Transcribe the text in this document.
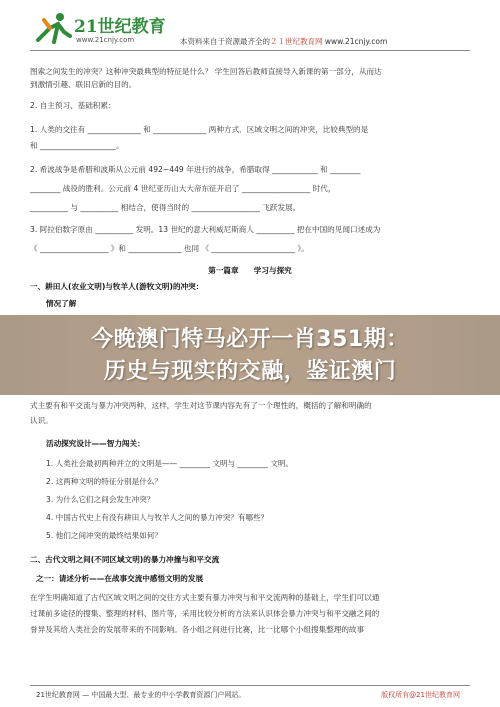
21世纪教育
www.21cnjy.com	本资料来自于资源最齐全的２１世纪教育网 www.21cnjy.com
图索之间发生的冲突？这种冲突最典型的特征是什么？ 学生回答后教师直接导入新课的第一部分，从而达
到激情引趣、联旧启新的目的。
2. 自主预习、基础积累：
1. 人类的交往有 ______________ 和 ______________ 两种方式．区域文明之间的冲突，比较典型的是
和 ____________________。
2. 希波战争是希腊和波斯从公元前 492~449 年进行的战争，希腊取得 ____________ 和 ________
________ 战役的胜利。公元前 4 世纪亚历山大大帝东征开启了 __________________ 时代，
__________ 与 __________ 相结合，使得当时的 __________________ 飞跃发展。
3. 阿拉伯数字原由 __________ 发明。13 世纪的意大利威尼斯商人 __________ 把在中国的见闻口述成为
《 __________________ 》和 ______________ 也同 《 ______________________ 》。
第一篇章　　学习与探究
一、耕田人(农业文明)与牧羊人(游牧文明)的冲突：
情况了解
式主要有和平交流与暴力冲突两种，这样，学生对这节课内容先有了一个理性的，概括的了解和明确的
认识。
活动探究设计——智力闯关：
1. 人类社会最初两种并立的文明是—— ________ 文明与 ________ 文明。
2. 这两种文明的特征分别是什么？
3. 为什么它们之间会发生冲突？
4. 中国古代史上有没有耕田人与牧羊人之间的暴力冲突？有哪些？
5. 他们之间冲突的最终结果如何？
二、古代文明之间(不同区域文明)的暴力冲撞与和平交流
之一：请述分析——在战事交流中感悟文明的发展
在学生明确知道了古代区域文明之间的交往方式主要有暴力冲突与和平交流两种的基础上，学生们可以通
过课前多途径的搜集、整理的材料、图片等，采用比较分析的方法来认识体会暴力冲突与和平交融之间的
誉异及其给人类社会的发展带来的不同影响。各小组之间进行比赛，比一比哪个小组搜集整理的故事
今晚澳门特马必开一肖351期：
历史与现实的交融，鉴证澳门
21世纪教育网 — 中国最大型、最专业的中小学教育资源门户网站。	版权所有@21世纪教育网
